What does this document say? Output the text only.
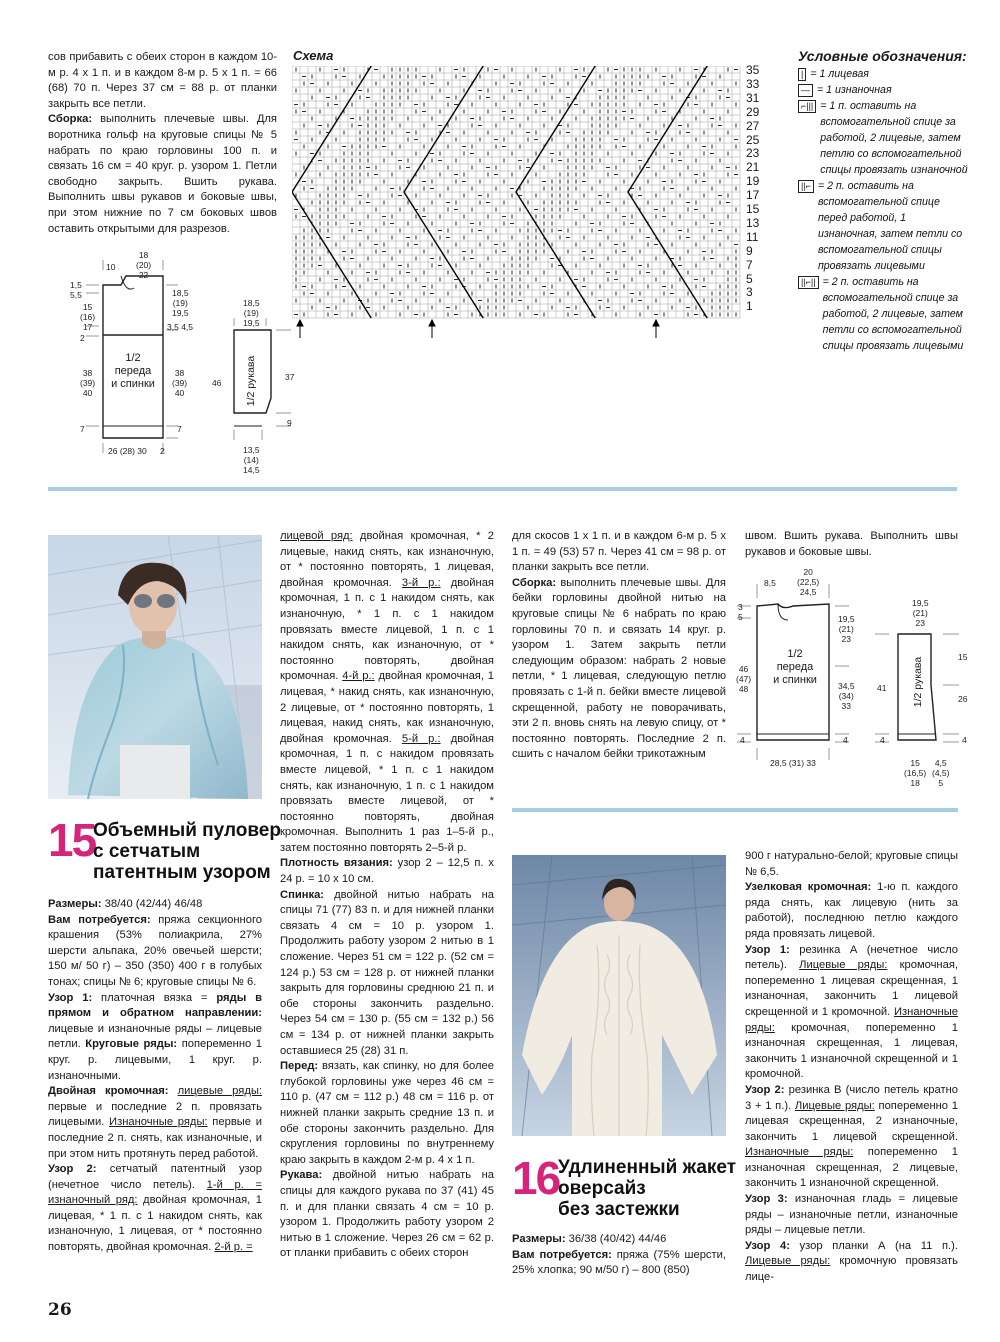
сов прибавить с обеих сторон в каждом 10-м р. 4 х 1 п. и в каждом 8-м р. 5 х 1 п. = 66 (68) 70 п. Через 37 см = 88 р. от планки закрыть все петли.

Сборка: выполнить плечевые швы. Для воротника гольф на круговые спицы № 5 набрать по краю горловины 100 п. и связать 16 см = 40 круг. р. узором 1. Петли свободно закрыть. Вшить рукава. Выполнить швы рукавов и боковые швы, при этом нижние по 7 см боковых швов оставить открытыми для разрезов.

10
18
(20)
22
1,5
5,5
15
(16)
17
2
38
(39)
40
7
1/2
переда
и спинки
18,5
(19)
19,5
3,5 4,5
38
(39)
40
7
26 (28) 30 2
18,5
(19)
19,5
46
37
9
1/2 рукава
13,5
(14)
14,5
Схема
35
33
31
29
27
25
23
21
19
17
15
13
11
9
7
5
3
1
Условные обозначения:
| = 1 лицевая
— = 1 изнаночная
⌐||| = 1 п. оставить на вспомогательной спице за работой, 2 лицевые, затем петлю со вспомогательной спицы провязать изнаночной
||⌐ = 2 п. оставить на вспомогательной спице перед работой, 1 изнаночная, затем петли со вспомогательной спицы провязать лицевыми
||⌐|| = 2 п. оставить на вспомогательной спице за работой, 2 лицевые, затем петли со вспомогательной спицы провязать лицевыми
15
Объемный пуловер
с сетчатым
патентным узором

Размеры: 38/40 (42/44) 46/48

Вам потребуется: пряжа секционного крашения (53% полиакрила, 27% шерсти альпака, 20% овечьей шерсти; 150 м/ 50 г) – 350 (350) 400 г в голубых тонах; спицы № 6; круговые спицы № 6.

Узор 1: платочная вязка = ряды в прямом и обратном направлении: лицевые и изнаночные ряды – лицевые петли. Круговые ряды: попеременно 1 круг. р. лицевыми, 1 круг. р. изнаночными.

Двойная кромочная: лицевые ряды: первые и последние 2 п. провязать лицевыми. Изнаночные ряды: первые и последние 2 п. снять, как изнаночные, и при этом нить протянуть перед работой.

Узор 2: сетчатый патентный узор (нечетное число петель). 1-й р. = изнаночный ряд: двойная кромочная, 1 лицевая, * 1 п. с 1 накидом снять, как изнаночную, 1 лицевая, от * постоянно повторять, двойная кромочная. 2-й р. =

лицевой ряд: двойная кромочная, * 2 лицевые, накид снять, как изнаночную, от * постоянно повторять, 1 лицевая, двойная кромочная. 3-й р.: двойная кромочная, 1 п. с 1 накидом снять, как изнаночную, * 1 п. с 1 накидом провязать вместе лицевой, 1 п. с 1 накидом снять, как изнаночную, от * постоянно повторять, двойная кромочная. 4-й р.: двойная кромочная, 1 лицевая, * накид снять, как изнаночную, 2 лицевые, от * постоянно повторять, 1 лицевая, накид снять, как изнаночную, двойная кромочная. 5-й р.: двойная кромочная, 1 п. с накидом провязать вместе лицевой, * 1 п. с 1 накидом снять, как изнаночную, 1 п. с 1 накидом провязать вместе лицевой, от * постоянно повторять, двойная кромочная. Выполнить 1 раз 1–5-й р., затем постоянно повторять 2–5-й р.

Плотность вязания: узор 2 – 12,5 п. х 24 р. = 10 х 10 см.

Спинка: двойной нитью набрать на спицы 71 (77) 83 п. и для нижней планки связать 4 см = 10 р. узором 1. Продолжить работу узором 2 нитью в 1 сложение. Через 51 см = 122 р. (52 см = 124 р.) 53 см = 128 р. от нижней планки закрыть для горловины среднюю 21 п. и обе стороны закончить раздельно. Через 54 см = 130 р. (55 см = 132 р.) 56 см = 134 р. от нижней планки закрыть оставшиеся 25 (28) 31 п.

Перед: вязать, как спинку, но для более глубокой горловины уже через 46 см = 110 р. (47 см = 112 р.) 48 см = 116 р. от нижней планки закрыть средние 13 п. и обе стороны закончить раздельно. Для скругления горловины по внутреннему краю закрыть в каждом 2-м р. 4 х 1 п.

Рукава: двойной нитью набрать на спицы для каждого рукава по 37 (41) 45 п. и для планки связать 4 см = 10 р. узором 1. Продолжить работу узором 2 нитью в 1 сложение. Через 26 см = 62 р. от планки прибавить с обеих сторон

для скосов 1 х 1 п. и в каждом 6-м р. 5 х 1 п. = 49 (53) 57 п. Через 41 см = 98 р. от планки закрыть все петли.

Сборка: выполнить плечевые швы. Для бейки горловины двойной нитью на круговые спицы № 6 набрать по краю горловины 70 п. и связать 14 круг. р. узором 1. Затем закрыть петли следующим образом: набрать 2 новые петли, * 1 лицевая, следующую петлю провязать с 1-й п. бейки вместе лицевой скрещенной, работу не поворачивать, эти 2 п. вновь снять на левую спицу, от * постоянно повторять. Последние 2 п. сшить с началом бейки трикотажным

швом. Вшить рукава. Выполнить швы рукавов и боковые швы.

8,5
20
(22,5)
24,5
3
5
46
(47)
48
4
1/2
переда
и спинки
19,5
(21)
23
34,5
(34)
33
4
28,5 (31) 33
19,5
(21)
23
41
15
26
4
4
1/2 рукава
15
(16,5)
18
4,5
(4,5)
5
16
Удлиненный жакет
оверсайз
без застежки

Размеры: 36/38 (40/42) 44/46

Вам потребуется: пряжа (75% шерсти, 25% хлопка; 90 м/50 г) – 800 (850)

900 г натурально-белой; круговые спицы № 6,5.

Узелковая кромочная: 1-ю п. каждого ряда снять, как лицевую (нить за работой), последнюю петлю каждого ряда провязать лицевой.

Узор 1: резинка А (нечетное число петель). Лицевые ряды: кромочная, попеременно 1 лицевая скрещенная, 1 изнаночная, закончить 1 лицевой скрещенной и 1 кромочной. Изнаночные ряды: кромочная, попеременно 1 изнаночная скрещенная, 1 лицевая, закончить 1 изнаночной скрещенной и 1 кромочной.

Узор 2: резинка В (число петель кратно 3 + 1 п.). Лицевые ряды: попеременно 1 лицевая скрещенная, 2 изнаночные, закончить 1 лицевой скрещенной. Изнаночные ряды: попеременно 1 изнаночная скрещенная, 2 лицевые, закончить 1 изнаночной скрещенной.

Узор 3: изнаночная гладь = лицевые ряды – изнаночные петли, изнаночные ряды – лицевые петли.

Узор 4: узор планки А (на 11 п.). Лицевые ряды: кромочную провязать лице-

26
